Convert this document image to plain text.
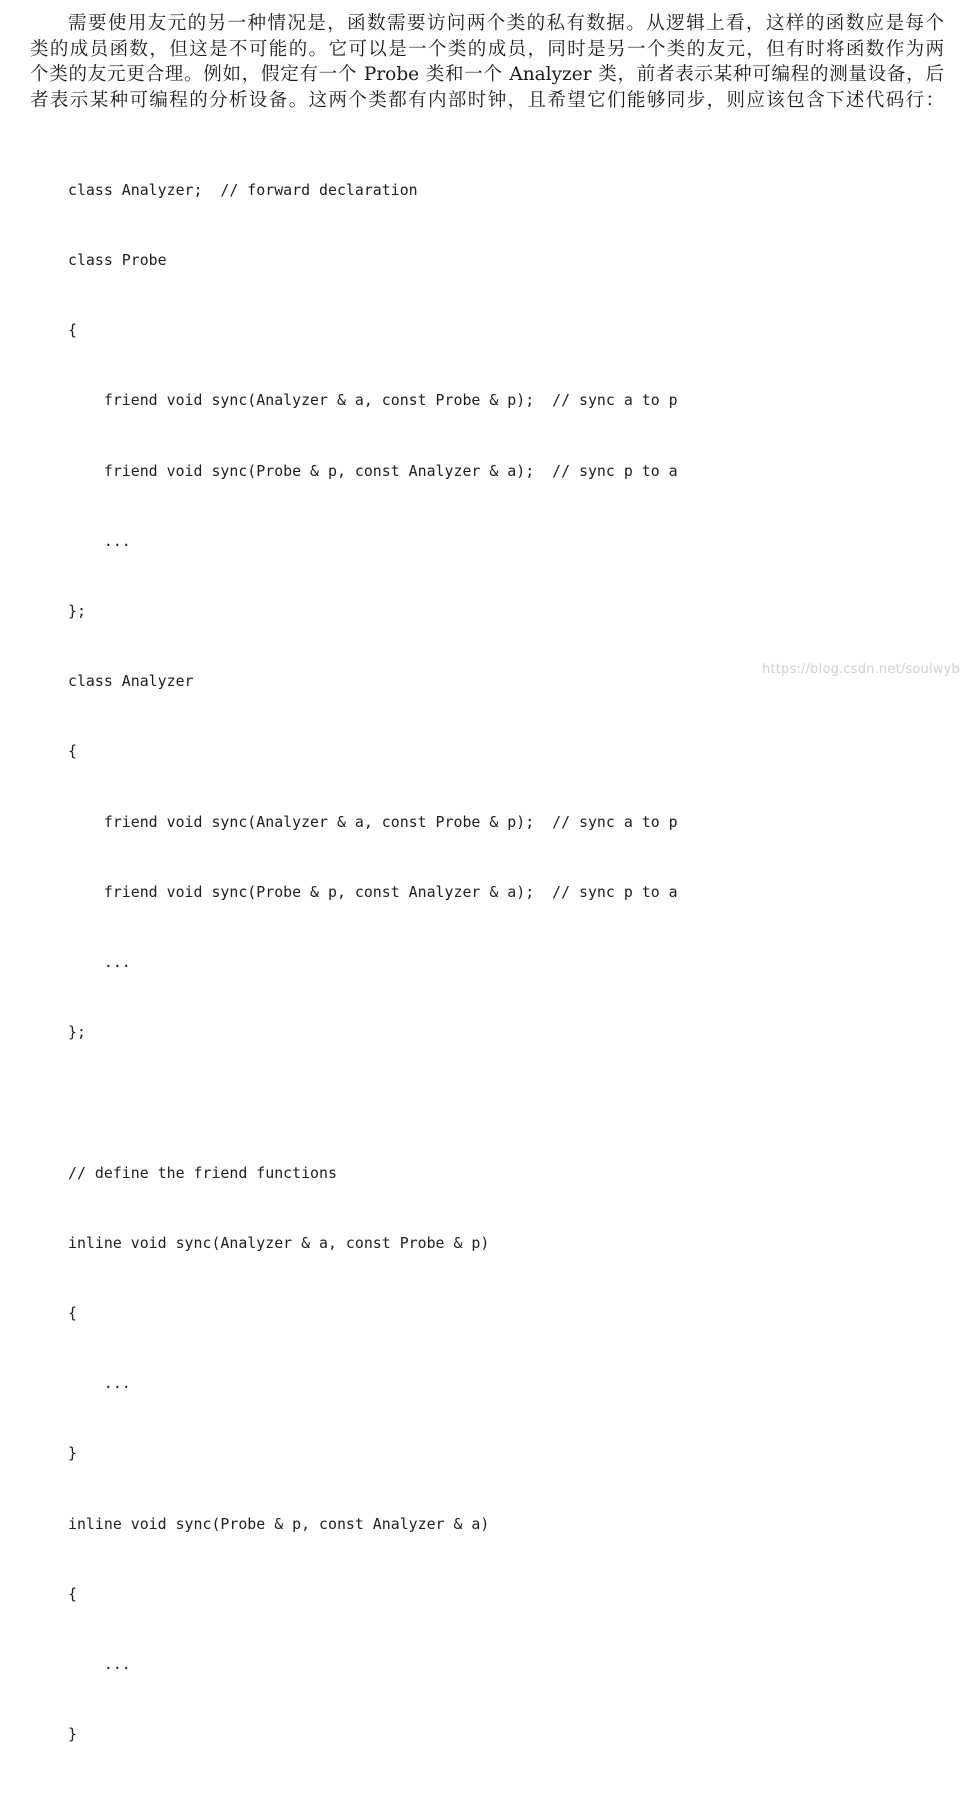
需要使用友元的另一种情况是，函数需要访问两个类的私有数据。从逻辑上看，这样的函数应是每个
类的成员函数，但这是不可能的。它可以是一个类的成员，同时是另一个类的友元，但有时将函数作为两
个类的友元更合理。例如，假定有一个 Probe 类和一个 Analyzer 类，前者表示某种可编程的测量设备，后
者表示某种可编程的分析设备。这两个类都有内部时钟，且希望它们能够同步，则应该包含下述代码行：

class Analyzer;  // forward declaration

class Probe

{

friend void sync(Analyzer & a, const Probe & p);  // sync a to p

friend void sync(Probe & p, const Analyzer & a);  // sync p to a

...

};

class Analyzer

{

friend void sync(Analyzer & a, const Probe & p);  // sync a to p

friend void sync(Probe & p, const Analyzer & a);  // sync p to a

...

};

// define the friend functions

inline void sync(Analyzer & a, const Probe & p)

{

...

}

inline void sync(Probe & p, const Analyzer & a)

{

...

}

https://blog.csdn.net/soulwyb
